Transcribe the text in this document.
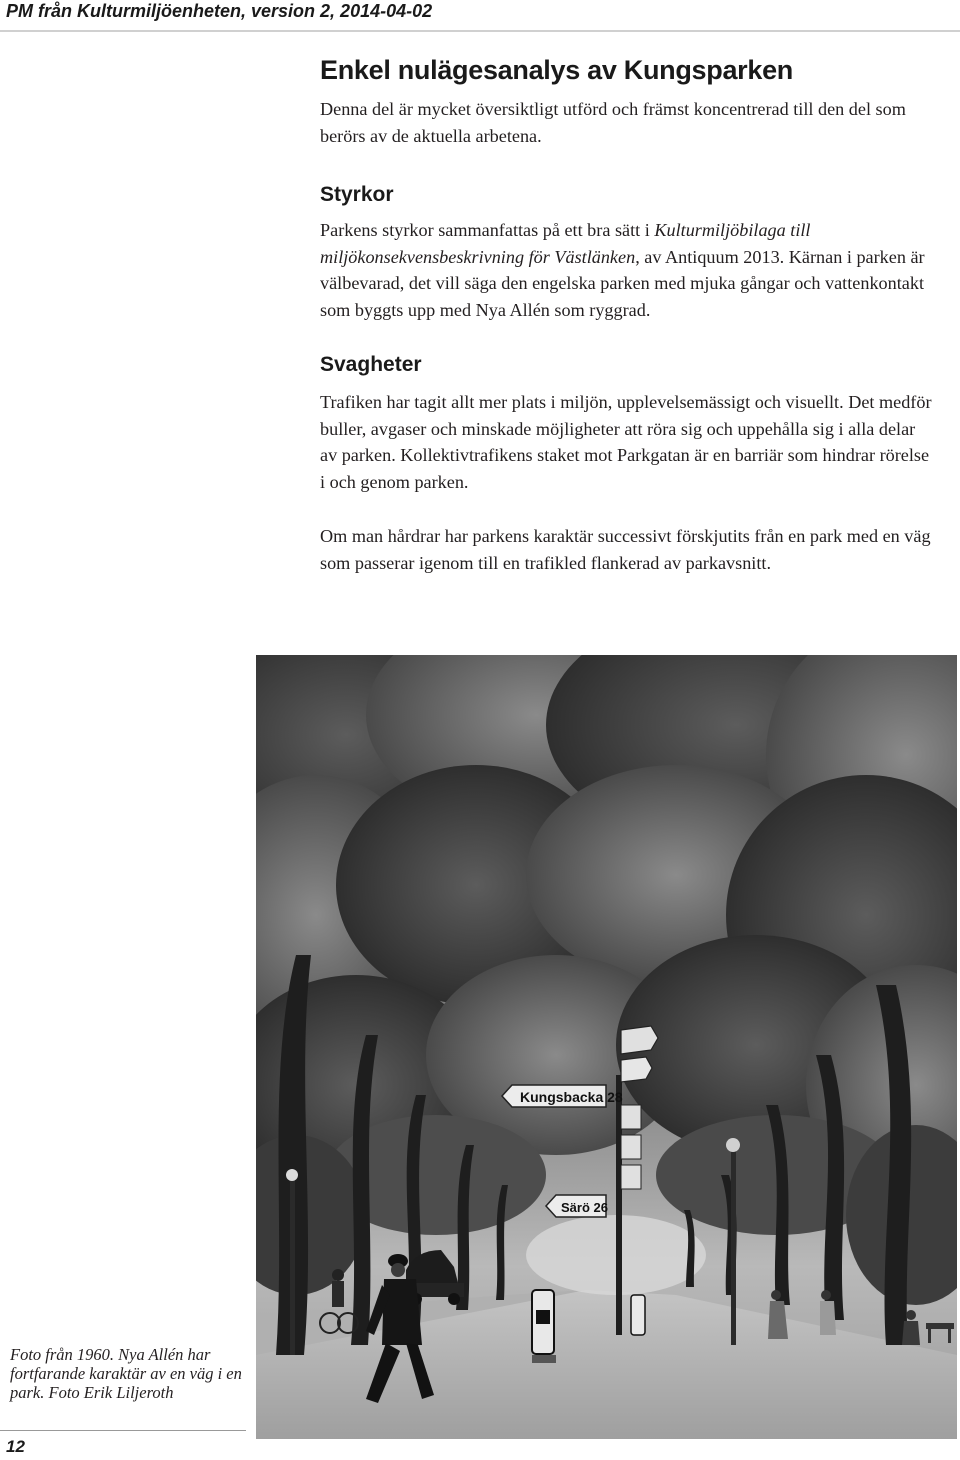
PM från Kulturmiljöenheten, version 2, 2014-04-02
Enkel nulägesanalys av Kungsparken

Denna del är mycket översiktligt utförd och främst koncentrerad till den del som berörs av de aktuella arbetena.

Styrkor

Parkens styrkor sammanfattas på ett bra sätt i Kulturmiljöbilaga till miljökonsekvensbeskrivning för Västlänken, av Antiquum 2013. Kärnan i parken är välbevarad, det vill säga den engelska parken med mjuka gångar och vattenkontakt som byggts upp med Nya Allén som ryggrad.

Svagheter

Trafiken har tagit allt mer plats i miljön, upplevelsemässigt och visuellt. Det medför buller, avgaser och minskade möjligheter att röra sig och uppehålla sig i alla delar av parken. Kollektivtrafikens staket mot Parkgatan är en barriär som hindrar rörelse i och genom parken.

Om man hårdrar har parkens karaktär successivt förskjutits från en park med en väg som passerar igenom till en trafikled flankerad av parkavsnitt.

Kungsbacka 28
Särö 26
Foto från 1960. Nya Allén har fortfarande karaktär av en väg i en park. Foto Erik Liljeroth
12
